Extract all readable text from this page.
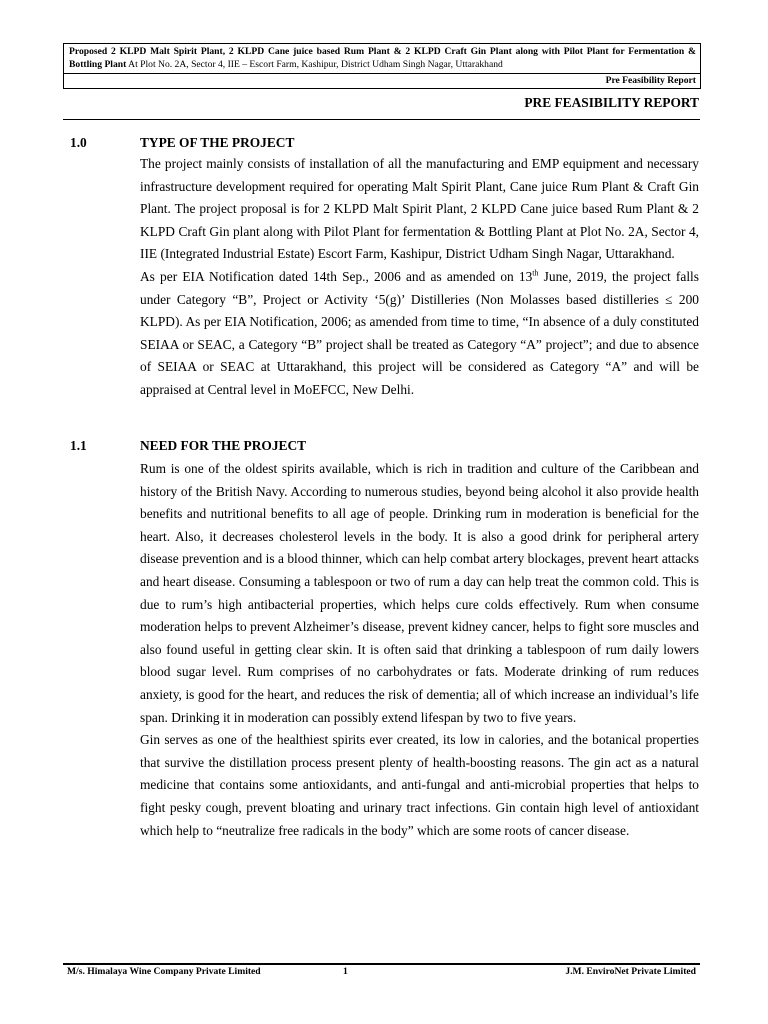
Proposed 2 KLPD Malt Spirit Plant, 2 KLPD Cane juice based Rum Plant & 2 KLPD Craft Gin Plant along with Pilot Plant for Fermentation & Bottling Plant At Plot No. 2A, Sector 4, IIE – Escort Farm, Kashipur, District Udham Singh Nagar, Uttarakhand
Pre Feasibility Report
PRE FEASIBILITY REPORT
1.0	TYPE OF THE PROJECT

The project mainly consists of installation of all the manufacturing and EMP equipment and necessary infrastructure development required for operating Malt Spirit Plant, Cane juice Rum Plant & Craft Gin Plant. The project proposal is for 2 KLPD Malt Spirit Plant, 2 KLPD Cane juice based Rum Plant & 2 KLPD Craft Gin plant along with Pilot Plant for fermentation & Bottling Plant at Plot No. 2A, Sector 4, IIE (Integrated Industrial Estate) Escort Farm, Kashipur, District Udham Singh Nagar, Uttarakhand.

As per EIA Notification dated 14th Sep., 2006 and as amended on 13th June, 2019, the project falls under Category “B”, Project or Activity ‘5(g)’ Distilleries (Non Molasses based distilleries ≤ 200 KLPD). As per EIA Notification, 2006; as amended from time to time, “In absence of a duly constituted SEIAA or SEAC, a Category “B” project shall be treated as Category “A” project”; and due to absence of SEIAA or SEAC at Uttarakhand, this project will be considered as Category “A” and will be appraised at Central level in MoEFCC, New Delhi.

1.1	NEED FOR THE PROJECT

Rum is one of the oldest spirits available, which is rich in tradition and culture of the Caribbean and history of the British Navy. According to numerous studies, beyond being alcohol it also provide health benefits and nutritional benefits to all age of people. Drinking rum in moderation is beneficial for the heart. Also, it decreases cholesterol levels in the body. It is also a good drink for peripheral artery disease prevention and is a blood thinner, which can help combat artery blockages, prevent heart attacks and heart disease. Consuming a tablespoon or two of rum a day can help treat the common cold. This is due to rum’s high antibacterial properties, which helps cure colds effectively. Rum when consume moderation helps to prevent Alzheimer’s disease, prevent kidney cancer, helps to fight sore muscles and also found useful in getting clear skin. It is often said that drinking a tablespoon of rum daily lowers blood sugar level. Rum comprises of no carbohydrates or fats. Moderate drinking of rum reduces anxiety, is good for the heart, and reduces the risk of dementia; all of which increase an individual’s life span. Drinking it in moderation can possibly extend lifespan by two to five years.

Gin serves as one of the healthiest spirits ever created, its low in calories, and the botanical properties that survive the distillation process present plenty of health-boosting reasons. The gin act as a natural medicine that contains some antioxidants, and anti-fungal and anti-microbial properties that helps to fight pesky cough, prevent bloating and urinary tract infections. Gin contain high level of antioxidant which help to “neutralize free radicals in the body” which are some roots of cancer disease.

M/s. Himalaya Wine Company Private Limited	1	J.M. EnviroNet Private Limited
